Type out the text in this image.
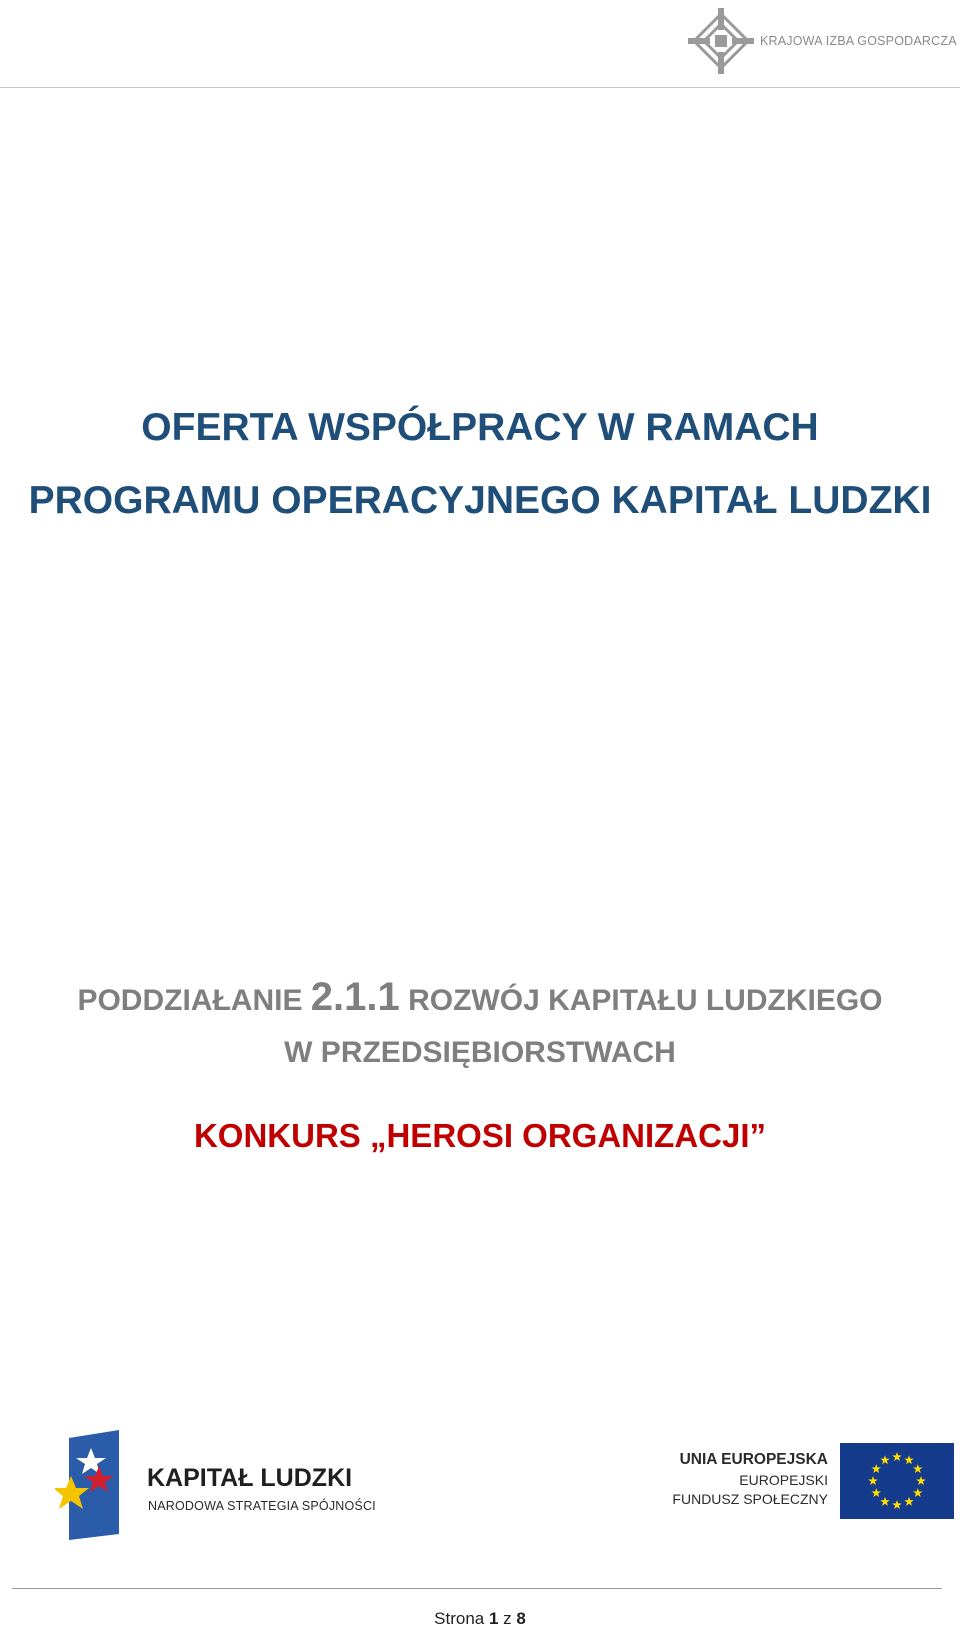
KRAJOWA IZBA GOSPODARCZA
OFERTA WSPÓŁPRACY W RAMACH
PROGRAMU OPERACYJNEGO KAPITAŁ LUDZKI
PODDZIAŁANIE 2.1.1 ROZWÓJ KAPITAŁU LUDZKIEGO
W PRZEDSIĘBIORSTWACH
KONKURS „HEROSI ORGANIZACJI”
KAPITAŁ LUDZKI
NARODOWA STRATEGIA SPÓJNOŚCI
UNIA EUROPEJSKA
EUROPEJSKI
FUNDUSZ SPOŁECZNY
Strona 1 z 8
